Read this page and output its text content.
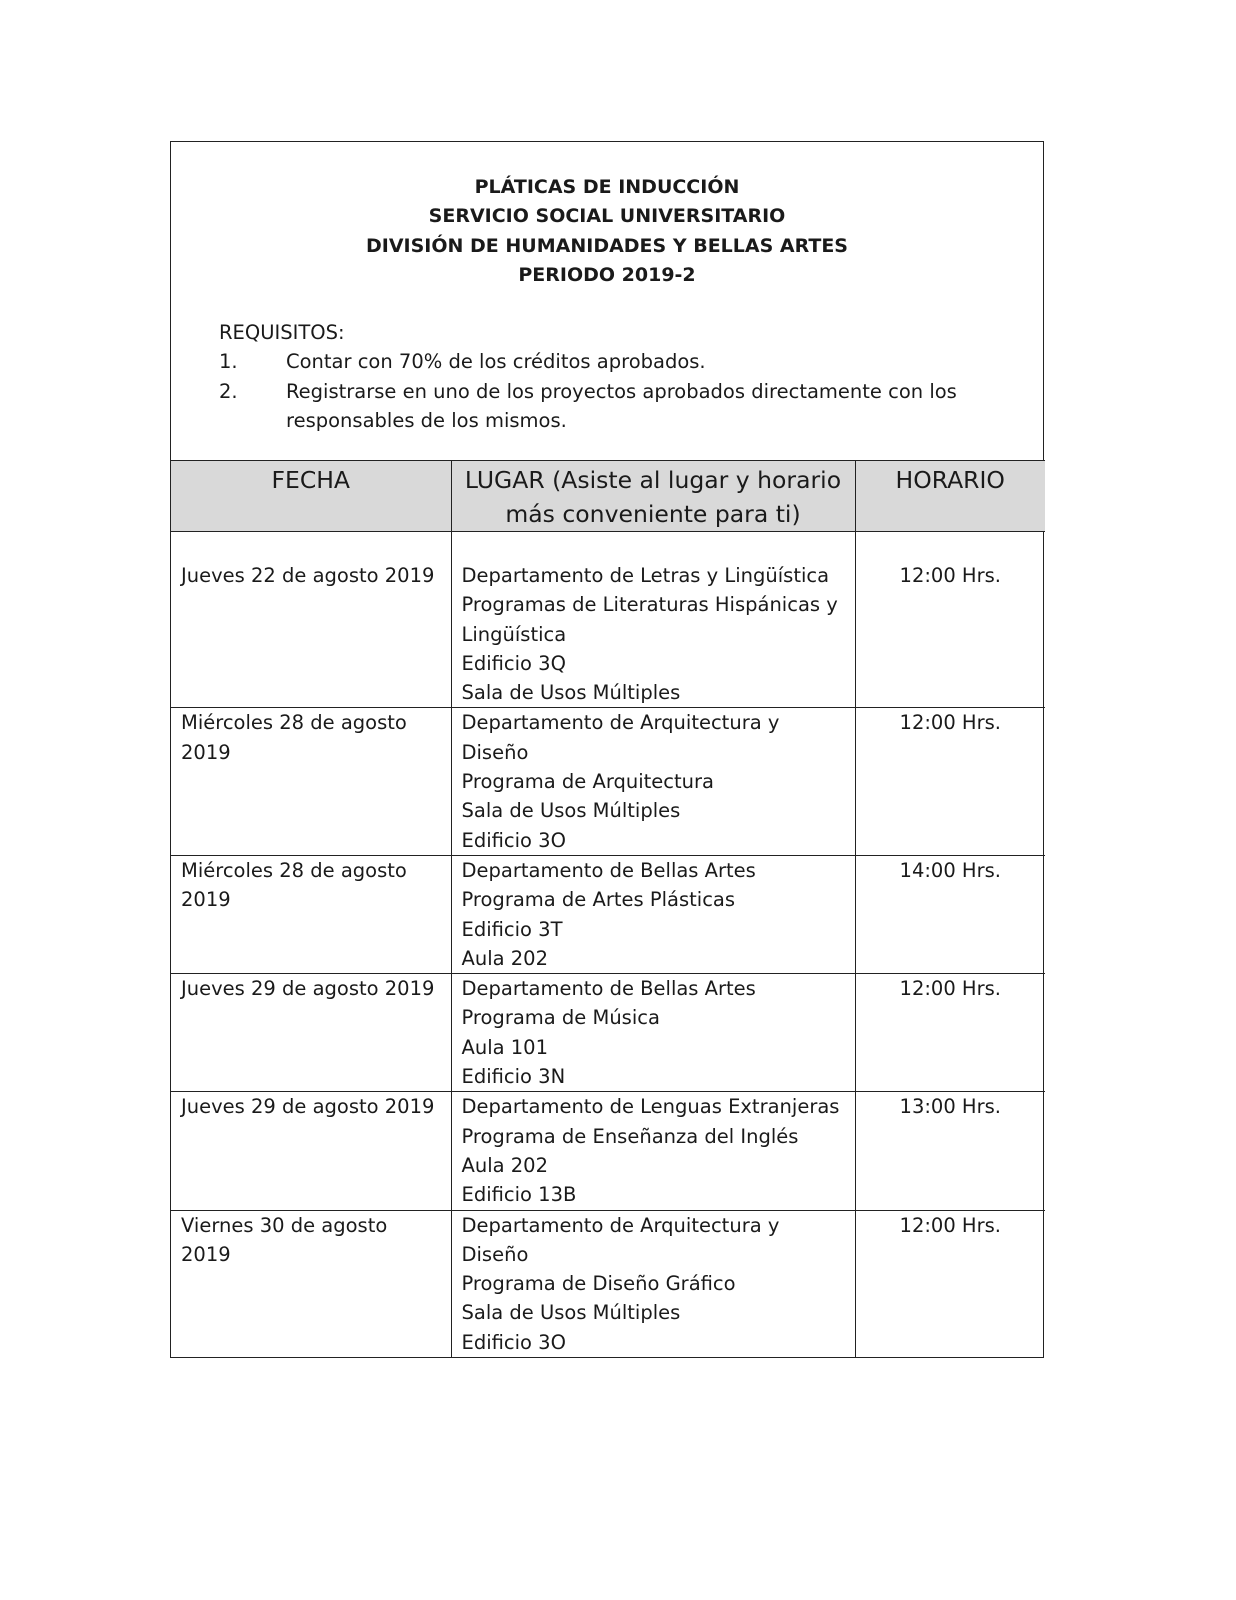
PLÁTICAS DE INDUCCIÓN
SERVICIO SOCIAL UNIVERSITARIO
DIVISIÓN DE HUMANIDADES Y BELLAS ARTES
PERIODO 2019-2
REQUISITOS:
1.	Contar con 70% de los créditos aprobados.
2.	Registrarse en uno de los proyectos aprobados directamente con los responsables de los mismos.
FECHA	LUGAR (Asiste al lugar y horario más conveniente para ti)	HORARIO
Jueves 22 de agosto 2019	Departamento de Letras y Lingüística
Programas de Literaturas Hispánicas y
Lingüística
Edificio 3Q
Sala de Usos Múltiples	12:00 Hrs.
Miércoles 28 de agosto 2019	Departamento de Arquitectura y
Diseño
Programa de Arquitectura
Sala de Usos Múltiples
Edificio 3O	12:00 Hrs.
Miércoles 28 de agosto 2019	Departamento de Bellas Artes
Programa de Artes Plásticas
Edificio 3T
Aula 202	14:00 Hrs.
Jueves 29 de agosto 2019	Departamento de Bellas Artes
Programa de Música
Aula 101
Edificio 3N	12:00 Hrs.
Jueves 29 de agosto 2019	Departamento de Lenguas Extranjeras
Programa de Enseñanza del Inglés
Aula 202
Edificio 13B	13:00 Hrs.
Viernes 30 de agosto 2019	Departamento de Arquitectura y
Diseño
Programa de Diseño Gráfico
Sala de Usos Múltiples
Edificio 3O	12:00 Hrs.
